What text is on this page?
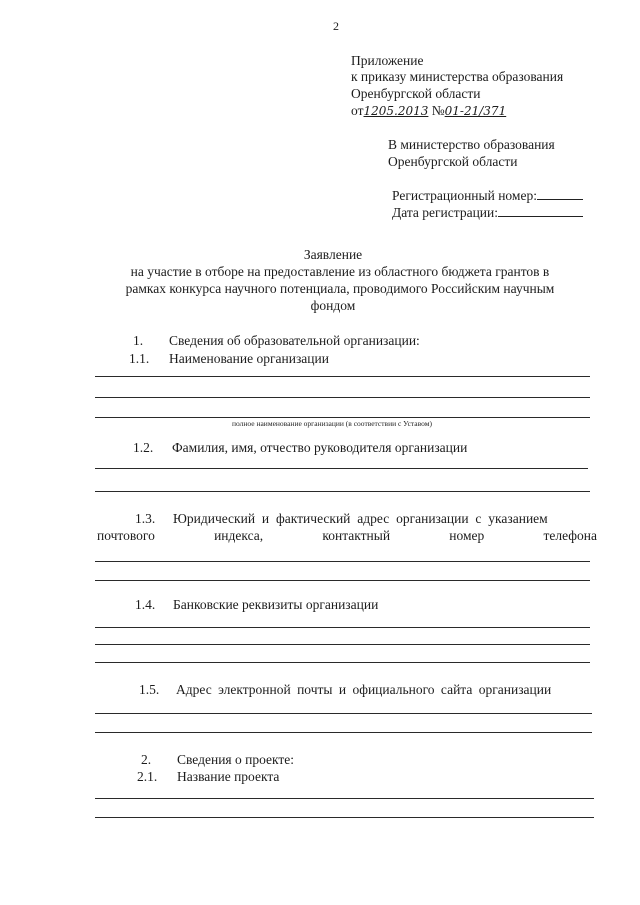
2
Приложение
к приказу министерства образования
Оренбургской области
от1205.2013 №01-21/371
В министерство образования
Оренбургской области
Регистрационный номер:
Дата регистрации:
Заявление
на участие в отборе на предоставление из областного бюджета грантов в
рамках конкурса научного потенциала, проводимого Российским научным
фондом
1. Сведения об образовательной организации:
1.1. Наименование организации
полное наименование организации (в соответствии с Уставом)
1.2. Фамилия, имя, отчество руководителя организации
1.3. Юридический и фактический адрес организации с указанием
почтового	индекса,	контактный	номер	телефона
1.4. Банковские реквизиты организации
1.5. Адрес электронной почты и официального сайта организации
2. Сведения о проекте:
2.1. Название проекта
